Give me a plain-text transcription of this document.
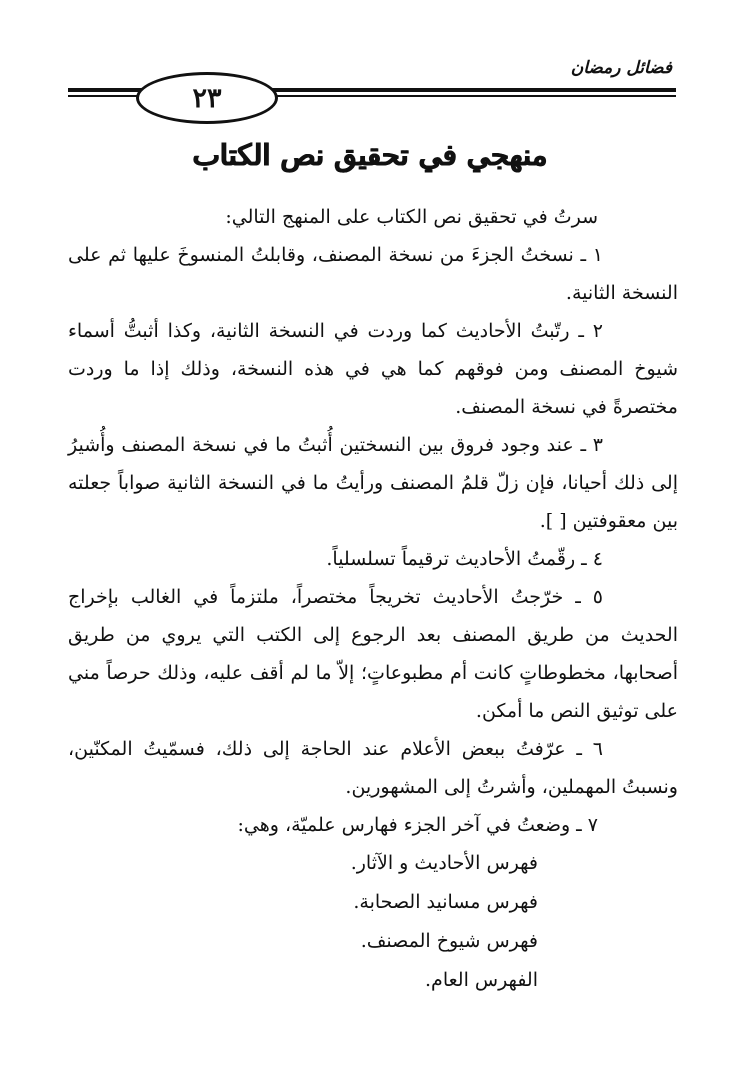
فضائل رمضان
٢٣
منهجي في تحقيق نص الكتاب

سرتُ في تحقيق نص الكتاب على المنهج التالي:

١ ـ نسختُ الجزءَ من نسخة المصنف، وقابلتُ المنسوخَ عليها ثم على النسخة الثانية.

٢ ـ رتّبتُ الأحاديث كما وردت في النسخة الثانية، وكذا أثبتُّ أسماء شيوخ المصنف ومن فوقهم كما هي في هذه النسخة، وذلك إذا ما وردت مختصرةً في نسخة المصنف.

٣ ـ عند وجود فروق بين النسختين أُثبتُ ما في نسخة المصنف وأُشيرُ إلى ذلك أحيانا، فإن زلّ قلمُ المصنف ورأيتُ ما في النسخة الثانية صواباً جعلته بين معقوفتين [ ].

٤ ـ رقّمتُ الأحاديث ترقيماً تسلسلياً.

٥ ـ خرّجتُ الأحاديث تخريجاً مختصراً، ملتزماً في الغالب بإخراج الحديث من طريق المصنف بعد الرجوع إلى الكتب التي يروي من طريق أصحابها، مخطوطاتٍ كانت أم مطبوعاتٍ؛ إلاّ ما لم أقف عليه، وذلك حرصاً مني على توثيق النص ما أمكن.

٦ ـ عرّفتُ ببعض الأعلام عند الحاجة إلى ذلك، فسمّيتُ المكنّين، ونسبتُ المهملين، وأشرتُ إلى المشهورين.

٧ ـ وضعتُ في آخر الجزء فهارس علميّة، وهي:

فهرس الأحاديث و الآثار.
فهرس مسانيد الصحابة.
فهرس شيوخ المصنف.
الفهرس العام.
